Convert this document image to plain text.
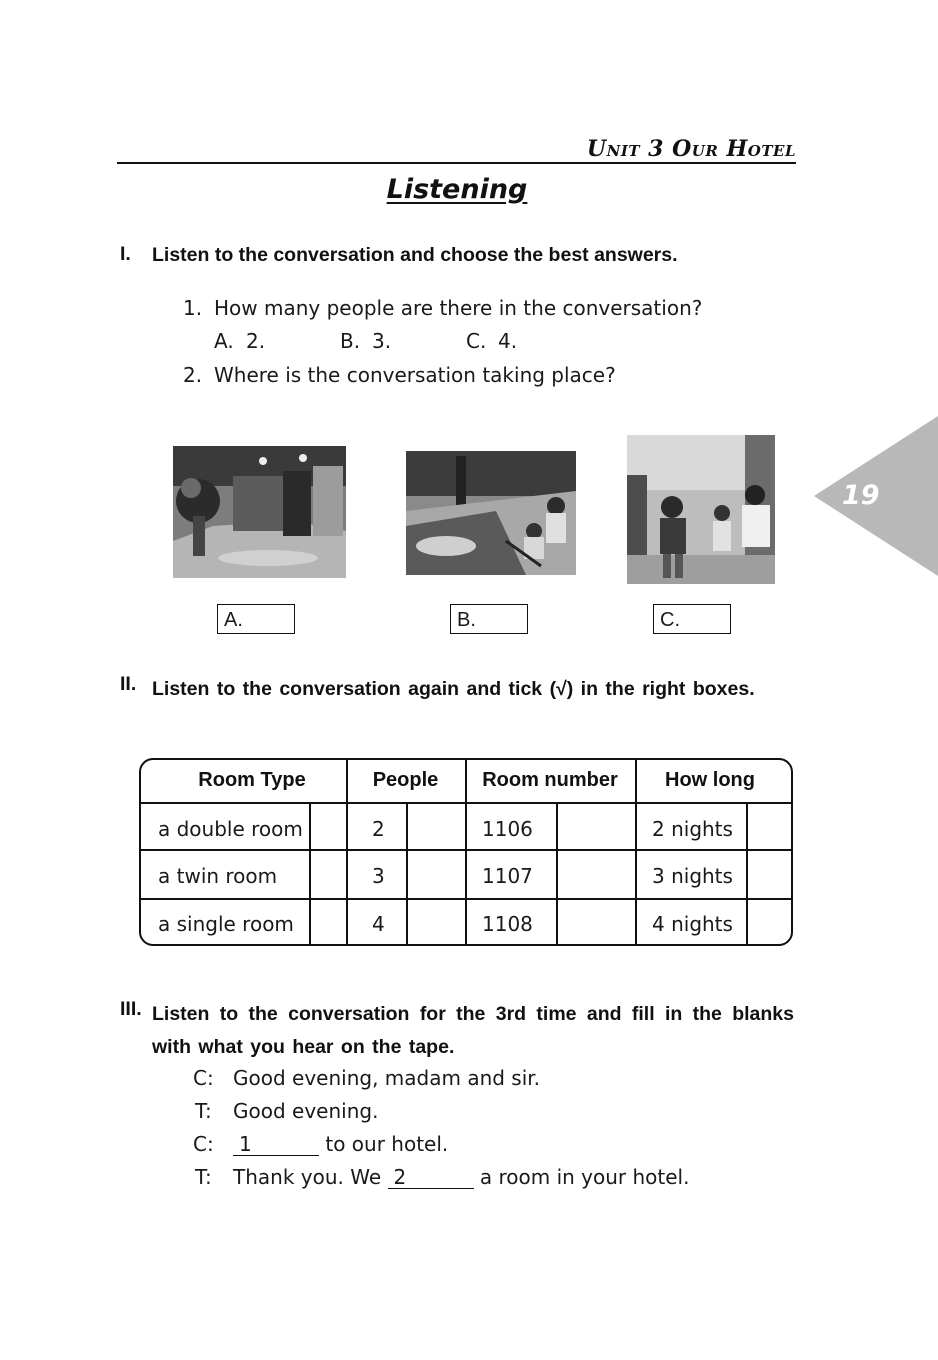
Unit 3 Our Hotel
Listening
19
I. Listen to the conversation and choose the best answers.
1. How many people are there in the conversation?
A. 2.	B. 3.	C. 4.
2. Where is the conversation taking place?
A.	B.	C.
II. Listen to the conversation again and tick (√) in the right boxes.
Room Type	People	Room number	How long
a double room	2	1106	2 nights
a twin room	3	1107	3 nights
a single room	4	1108	4 nights
III. Listen to the conversation for the 3rd time and fill in the blanks with what you hear on the tape.
C: Good evening, madam and sir.
T: Good evening.
C:	1	to our hotel.
T: Thank you. We 2	a room in your hotel.
